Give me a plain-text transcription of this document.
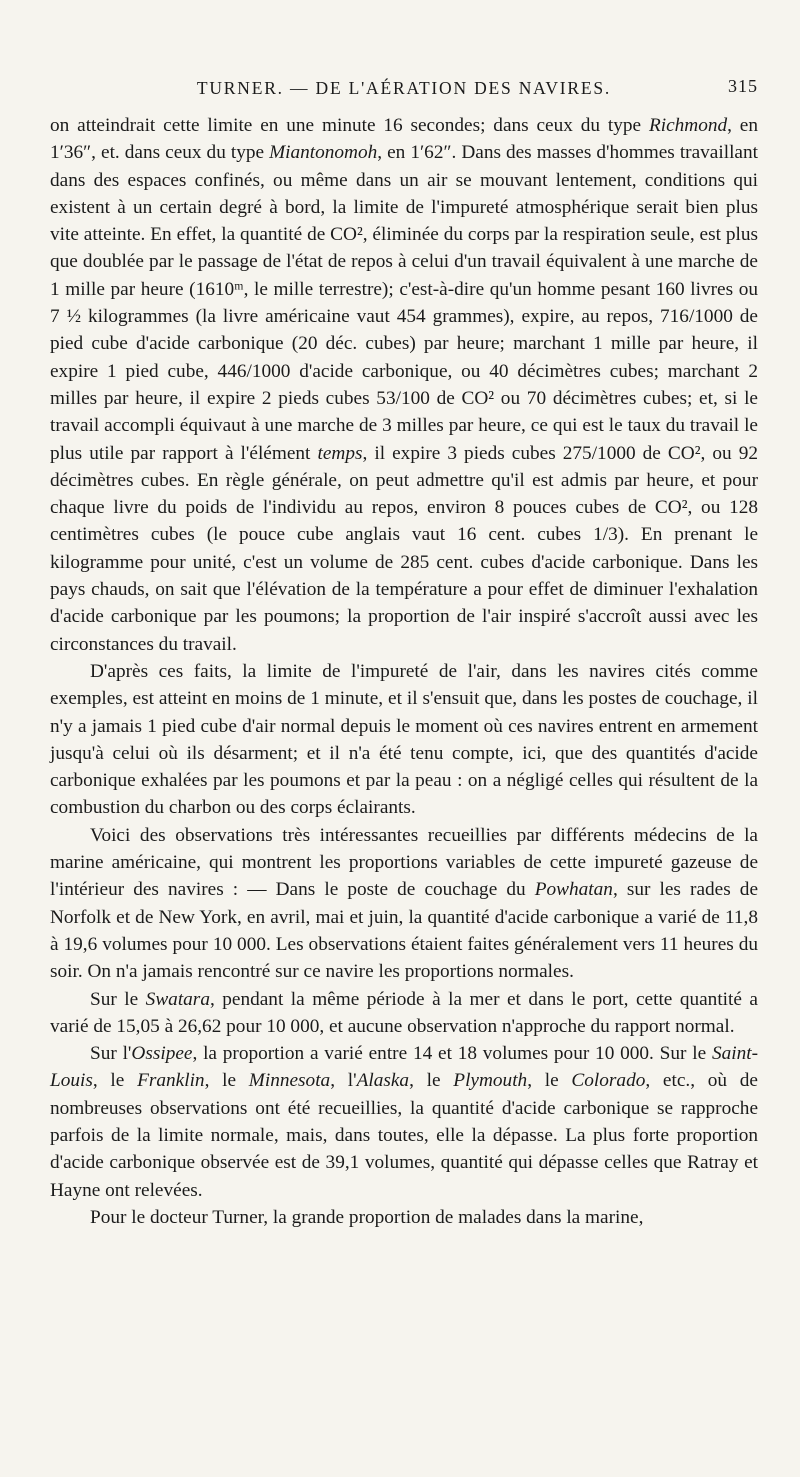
TURNER. — DE L'AÉRATION DES NAVIRES.	315

on atteindrait cette limite en une minute 16 secondes; dans ceux du type Richmond, en 1′36″, et. dans ceux du type Miantonomoh, en 1′62″. Dans des masses d'hommes travaillant dans des espaces confinés, ou même dans un air se mouvant lentement, conditions qui existent à un certain degré à bord, la limite de l'impureté atmosphérique serait bien plus vite atteinte. En effet, la quantité de CO², éliminée du corps par la respiration seule, est plus que doublée par le passage de l'état de repos à celui d'un travail équivalent à une marche de 1 mille par heure (1610ᵐ, le mille terrestre); c'est-à-dire qu'un homme pesant 160 livres ou 7 ½ kilogrammes (la livre américaine vaut 454 grammes), expire, au repos, 716/1000 de pied cube d'acide carbonique (20 déc. cubes) par heure; marchant 1 mille par heure, il expire 1 pied cube, 446/1000 d'acide carbonique, ou 40 décimètres cubes; marchant 2 milles par heure, il expire 2 pieds cubes 53/100 de CO² ou 70 décimètres cubes; et, si le travail accompli équivaut à une marche de 3 milles par heure, ce qui est le taux du travail le plus utile par rapport à l'élément temps, il expire 3 pieds cubes 275/1000 de CO², ou 92 décimètres cubes. En règle générale, on peut admettre qu'il est admis par heure, et pour chaque livre du poids de l'individu au repos, environ 8 pouces cubes de CO², ou 128 centimètres cubes (le pouce cube anglais vaut 16 cent. cubes 1/3). En prenant le kilogramme pour unité, c'est un volume de 285 cent. cubes d'acide carbonique. Dans les pays chauds, on sait que l'élévation de la température a pour effet de diminuer l'exhalation d'acide carbonique par les poumons; la proportion de l'air inspiré s'accroît aussi avec les circonstances du travail.

D'après ces faits, la limite de l'impureté de l'air, dans les navires cités comme exemples, est atteint en moins de 1 minute, et il s'ensuit que, dans les postes de couchage, il n'y a jamais 1 pied cube d'air normal depuis le moment où ces navires entrent en armement jusqu'à celui où ils désarment; et il n'a été tenu compte, ici, que des quantités d'acide carbonique exhalées par les poumons et par la peau : on a négligé celles qui résultent de la combustion du charbon ou des corps éclairants.

Voici des observations très intéressantes recueillies par différents médecins de la marine américaine, qui montrent les proportions variables de cette impureté gazeuse de l'intérieur des navires : — Dans le poste de couchage du Powhatan, sur les rades de Norfolk et de New York, en avril, mai et juin, la quantité d'acide carbonique a varié de 11,8 à 19,6 volumes pour 10 000. Les observations étaient faites généralement vers 11 heures du soir. On n'a jamais rencontré sur ce navire les proportions normales.

Sur le Swatara, pendant la même période à la mer et dans le port, cette quantité a varié de 15,05 à 26,62 pour 10 000, et aucune observation n'approche du rapport normal.

Sur l'Ossipee, la proportion a varié entre 14 et 18 volumes pour 10 000. Sur le Saint-Louis, le Franklin, le Minnesota, l'Alaska, le Plymouth, le Colorado, etc., où de nombreuses observations ont été recueillies, la quantité d'acide carbonique se rapproche parfois de la limite normale, mais, dans toutes, elle la dépasse. La plus forte proportion d'acide carbonique observée est de 39,1 volumes, quantité qui dépasse celles que Ratray et Hayne ont relevées.

Pour le docteur Turner, la grande proportion de malades dans la marine,
